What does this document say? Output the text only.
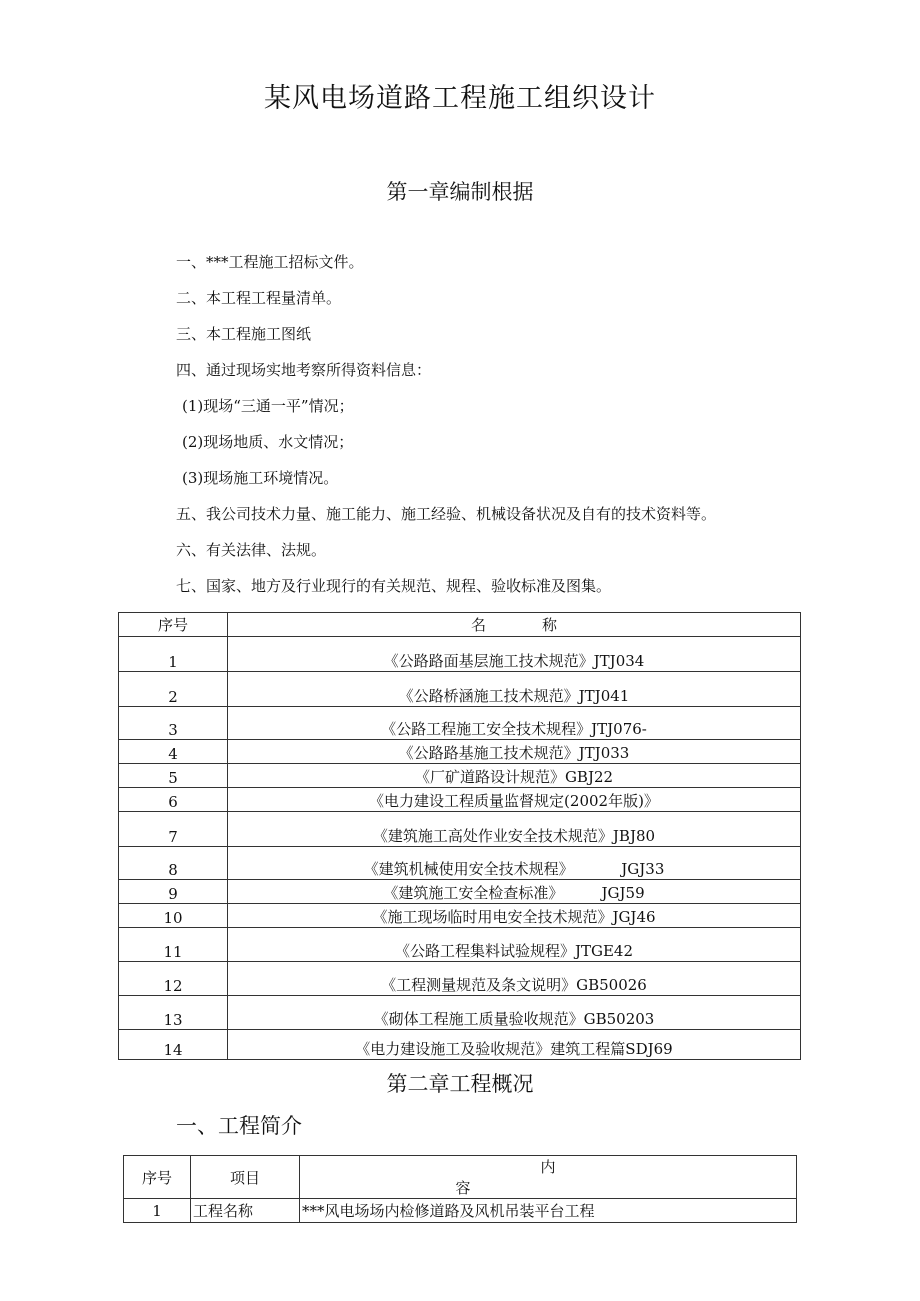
某风电场道路工程施工组织设计
第一章编制根据
一、***工程施工招标文件。
二、本工程工程量清单。
三、本工程施工图纸
四、通过现场实地考察所得资料信息：
(1)现场“三通一平”情况；
(2)现场地质、水文情况；
(3)现场施工环境情况。
五、我公司技术力量、施工能力、施工经验、机械设备状况及自有的技术资料等。
六、有关法律、法规。
七、国家、地方及行业现行的有关规范、规程、验收标准及图集。
序号	名称
1	《公路路面基层施工技术规范》JTJ034
2	《公路桥涵施工技术规范》JTJ041
3	《公路工程施工安全技术规程》JTJ076-
4	《公路路基施工技术规范》JTJ033
5	《厂矿道路设计规范》GBJ22
6	《电力建设工程质量监督规定(2002年版)》
7	《建筑施工高处作业安全技术规范》JBJ80
8	《建筑机械使用安全技术规程》          JGJ33
9	《建筑施工安全检查标准》        JGJ59
10	《施工现场临时用电安全技术规范》JGJ46
11	《公路工程集料试验规程》JTGE42
12	《工程测量规范及条文说明》GB50026
13	《砌体工程施工质量验收规范》GB50203
14	《电力建设施工及验收规范》建筑工程篇SDJ69
第二章工程概况
一、工程简介
序号	项目	内容
1	工程名称	***风电场场内检修道路及风机吊装平台工程
